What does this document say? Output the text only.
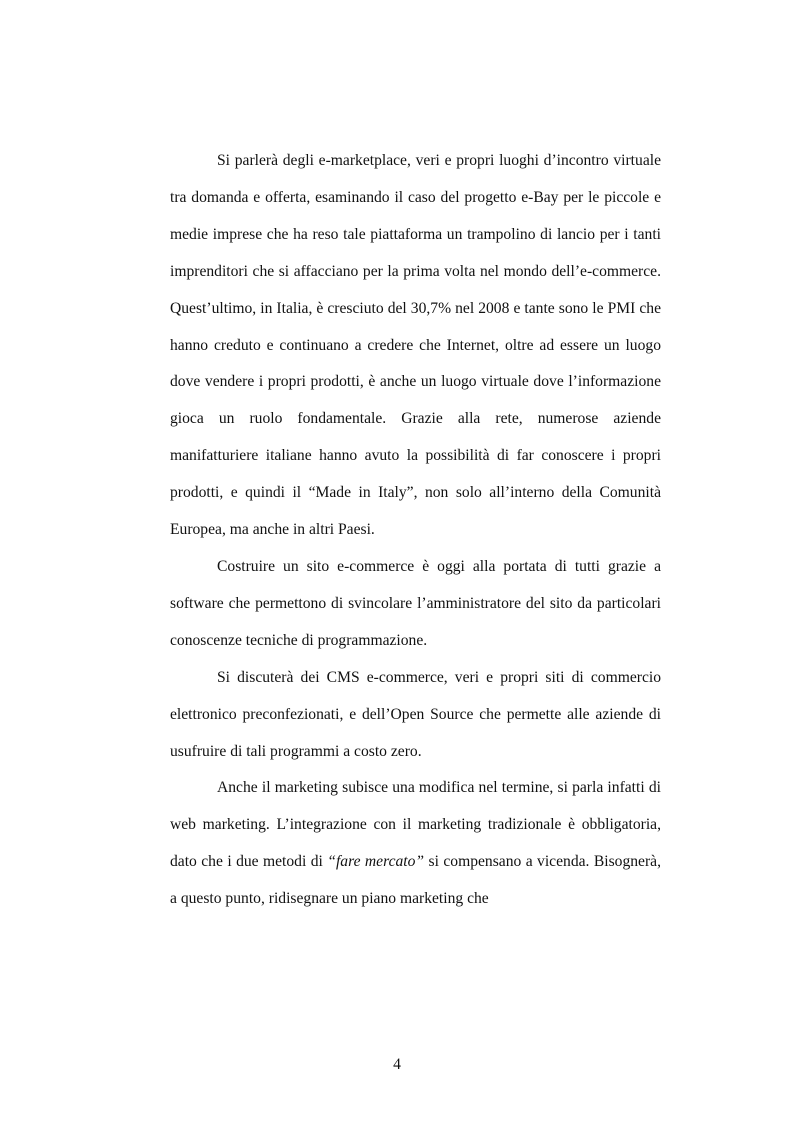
Si parlerà degli e-marketplace, veri e propri luoghi d’incontro virtuale tra domanda e offerta, esaminando il caso del progetto e-Bay per le piccole e medie imprese che ha reso tale piattaforma un trampolino di lancio per i tanti imprenditori che si affacciano per la prima volta nel mondo dell’e-commerce. Quest’ultimo, in Italia, è cresciuto del 30,7% nel 2008 e tante sono le PMI che hanno creduto e continuano a credere che Internet, oltre ad essere un luogo dove vendere i propri prodotti, è anche un luogo virtuale dove l’informazione gioca un ruolo fondamentale. Grazie alla rete, numerose aziende manifatturiere italiane hanno avuto la possibilità di far conoscere i propri prodotti, e quindi il “Made in Italy”, non solo all’interno della Comunità Europea, ma anche in altri Paesi.

Costruire un sito e-commerce è oggi alla portata di tutti grazie a software che permettono di svincolare l’amministratore del sito da particolari conoscenze tecniche di programmazione.

Si discuterà dei CMS e-commerce, veri e propri siti di commercio elettronico preconfezionati, e dell’Open Source che permette alle aziende di usufruire di tali programmi a costo zero.

Anche il marketing subisce una modifica nel termine, si parla infatti di web marketing. L’integrazione con il marketing tradizionale è obbligatoria, dato che i due metodi di “fare mercato” si compensano a vicenda. Bisognerà, a questo punto, ridisegnare un piano marketing che

4
